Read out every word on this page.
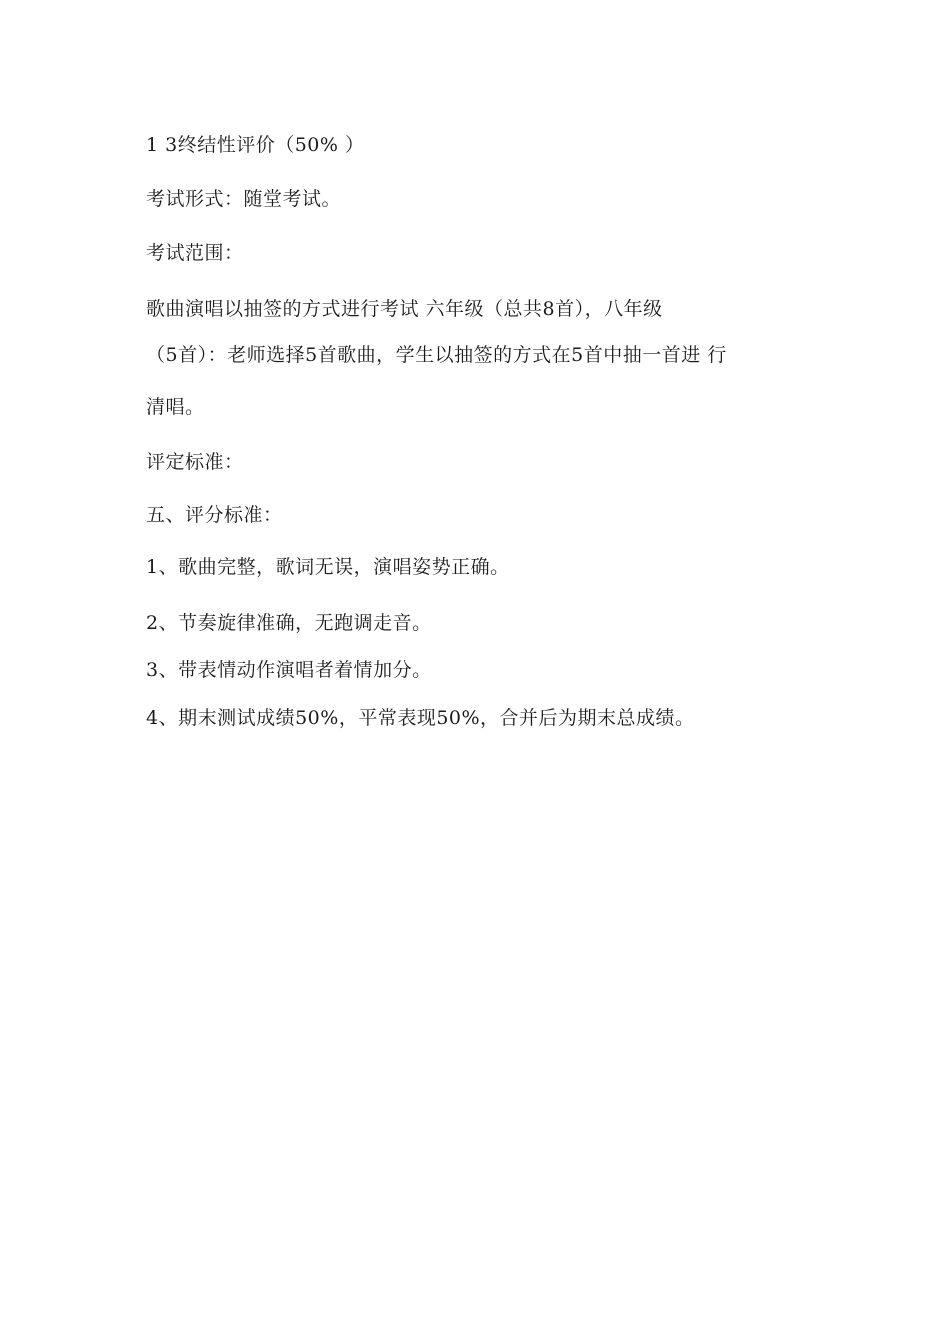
1 3终结性评价（50% ）
考试形式：随堂考试。
考试范围：
歌曲演唱以抽签的方式进行考试 六年级（总共8首），八年级
（5首）：老师选择5首歌曲，学生以抽签的方式在5首中抽一首进 行
清唱。
评定标准：
五、评分标准：
1、歌曲完整，歌词无误，演唱姿势正确。
2、节奏旋律准确，无跑调走音。
3、带表情动作演唱者着情加分。
4、期末测试成绩50%，平常表现50%，合并后为期末总成绩。
